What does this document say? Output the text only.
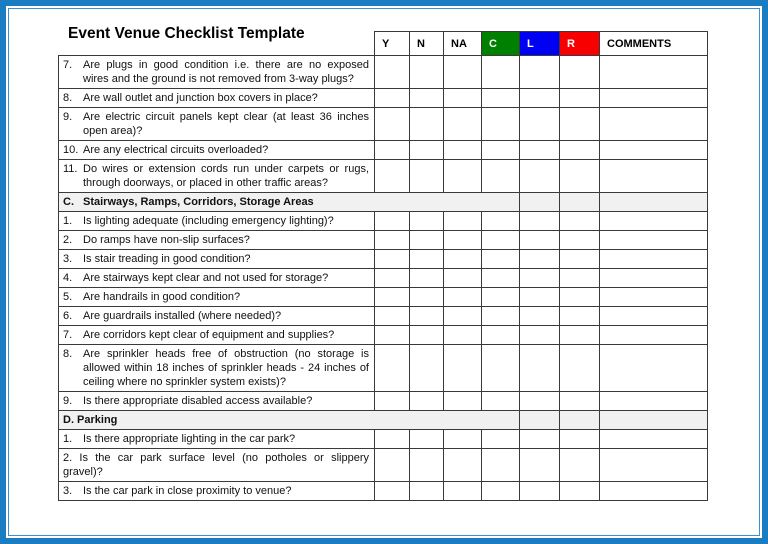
Event Venue Checklist Template
Y	N	NA	C	L	R	COMMENTS
7. Are plugs in good condition i.e. there are no exposed wires and the ground is not removed from 3-way plugs?
8. Are wall outlet and junction box covers in place?
9. Are electric circuit panels kept clear (at least 36 inches open area)?
10. Are any electrical circuits overloaded?
11. Do wires or extension cords run under carpets or rugs, through doorways, or placed in other traffic areas?
C. Stairways, Ramps, Corridors, Storage Areas
1. Is lighting adequate (including emergency lighting)?
2. Do ramps have non-slip surfaces?
3. Is stair treading in good condition?
4. Are stairways kept clear and not used for storage?
5. Are handrails in good condition?
6. Are guardrails installed (where needed)?
7. Are corridors kept clear of equipment and supplies?
8. Are sprinkler heads free of obstruction (no storage is allowed within 18 inches of sprinkler heads - 24 inches of ceiling where no sprinkler system exists)?
9. Is there appropriate disabled access available?
D. Parking
1. Is there appropriate lighting in the car park?
2. Is the car park surface level (no potholes or slippery gravel)?
3. Is the car park in close proximity to venue?
